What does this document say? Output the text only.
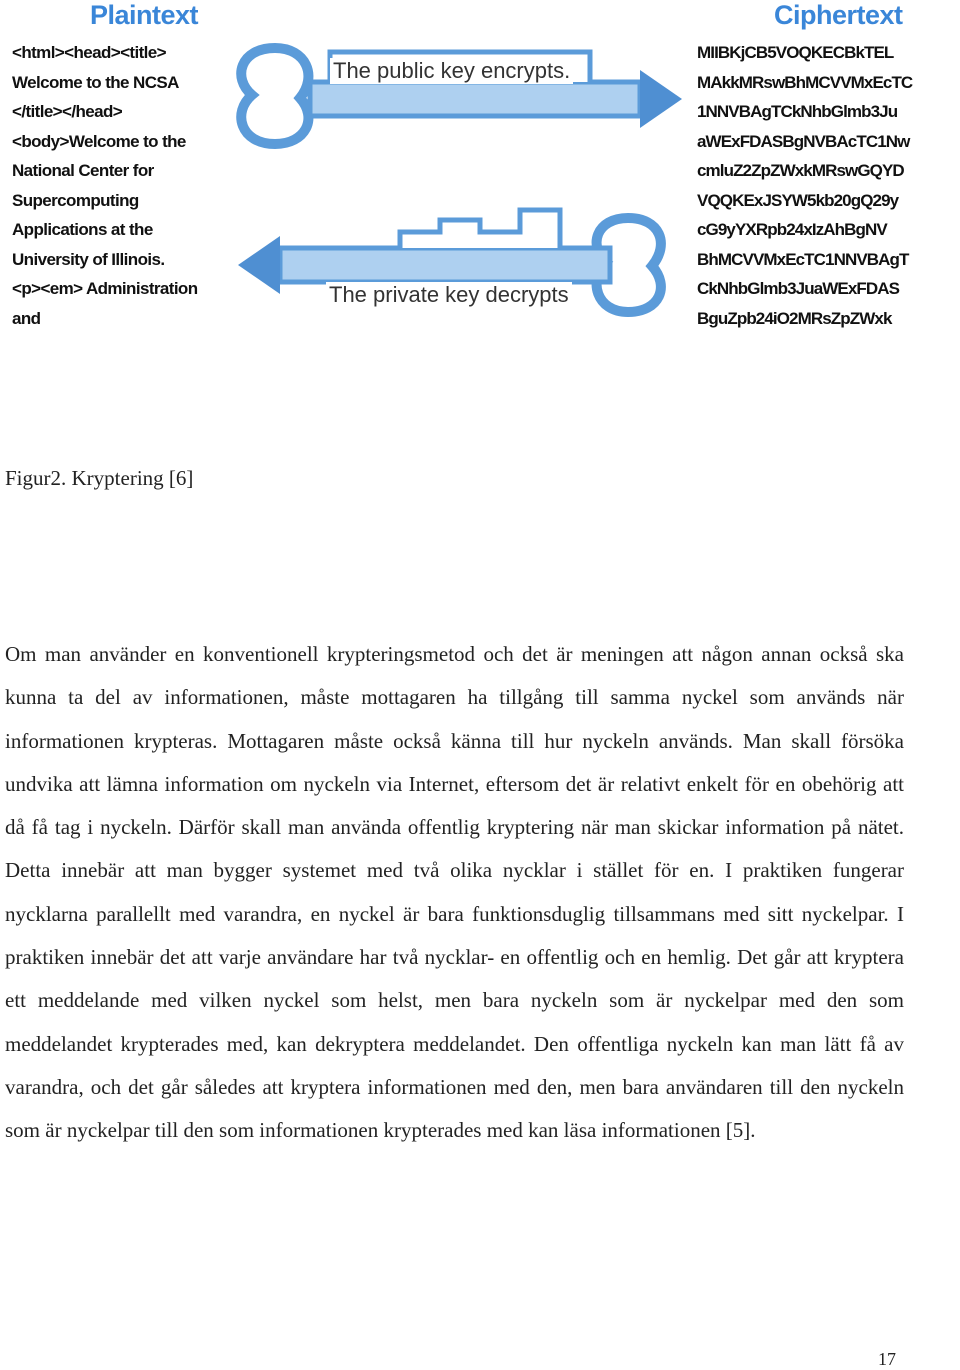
Plaintext	Ciphertext
<html><head><title>
Welcome to the NCSA
</title></head>
<body>Welcome to the
National Center for
Supercomputing
Applications at the
University of Illinois.
<p><em> Administration
and
The public key encrypts.
The private key decrypts
MIIBKjCB5VOQKECBkTEL
MAkkMRswBhMCVVMxEcTC
1NNVBAgTCkNhbGlmb3Ju
aWExFDASBgNVBAcTC1Nw
cmluZ2ZpZWxkMRswGQYD
VQQKExJSYW5kb20gQ29y
cG9yYXRpb24xIzAhBgNV
BhMCVVMxEcTC1NNVBAgT
CkNhbGlmb3JuaWExFDAS
BguZpb24iO2MRsZpZWxk
Figur2. Kryptering [6]

Om man använder en konventionell krypteringsmetod och det är meningen att någon annan också ska kunna ta del av informationen, måste mottagaren ha tillgång till samma nyckel som används när informationen krypteras. Mottagaren måste också känna till hur nyckeln används. Man skall försöka undvika att lämna information om nyckeln via Internet, eftersom det är relativt enkelt för en obehörig att då få tag i nyckeln. Därför skall man använda offentlig kryptering när man skickar information på nätet. Detta innebär att man bygger systemet med två olika nycklar i stället för en. I praktiken fungerar nycklarna parallellt med varandra, en nyckel är bara funktionsduglig tillsammans med sitt nyckelpar. I praktiken innebär det att varje användare har två nycklar- en offentlig och en hemlig. Det går att kryptera ett meddelande med vilken nyckel som helst, men bara nyckeln som är nyckelpar med den som meddelandet krypterades med, kan dekryptera meddelandet. Den offentliga nyckeln kan man lätt få av varandra, och det går således att kryptera informationen med den, men bara användaren till den nyckeln som är nyckelpar till den som informationen krypterades med kan läsa informationen [5].

17
